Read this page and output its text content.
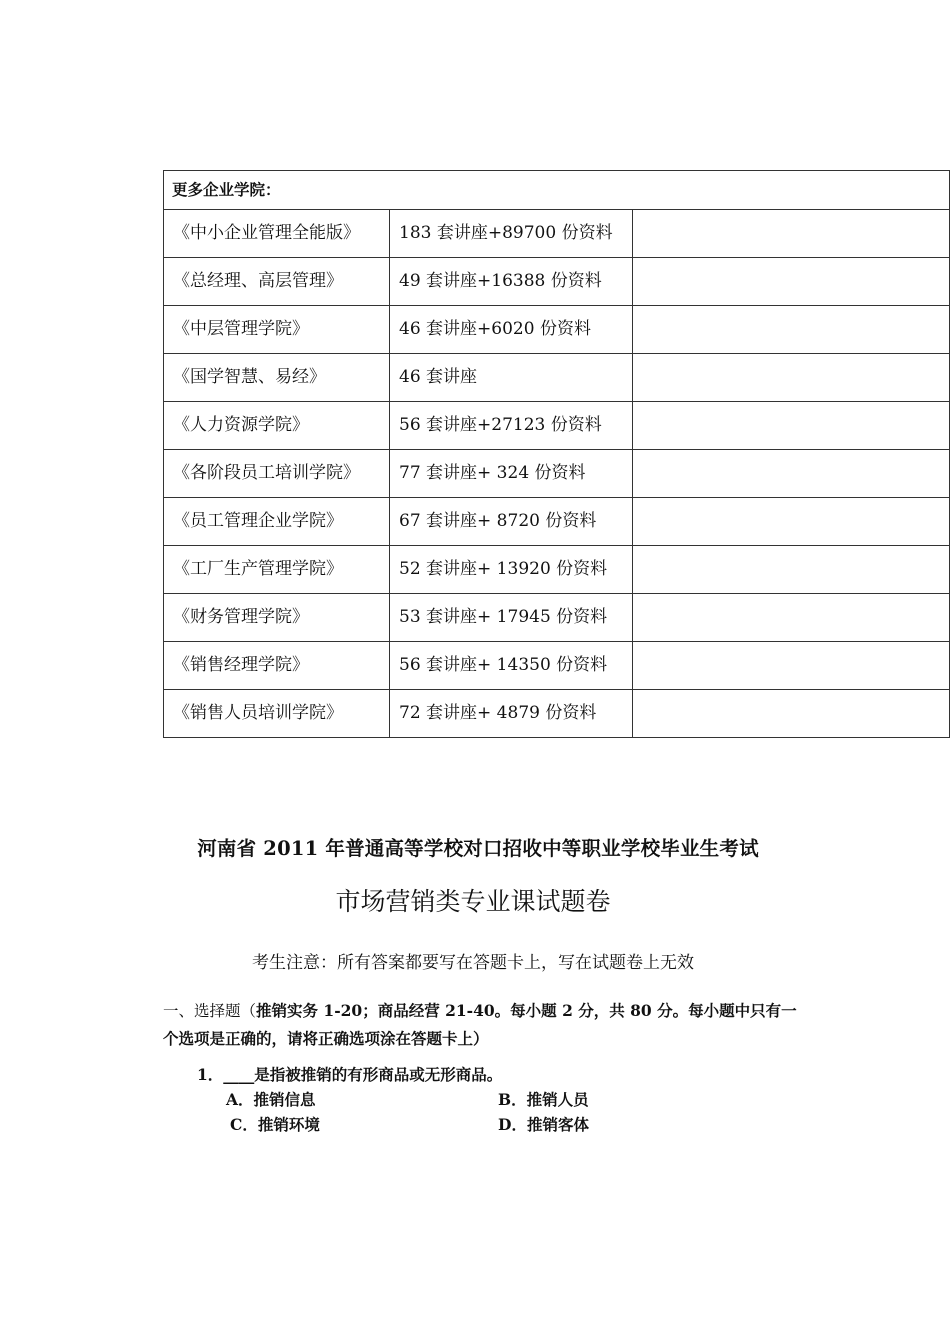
更多企业学院：		
《中小企业管理全能版》	183 套讲座+89700 份资料	
《总经理、高层管理》	49 套讲座+16388 份资料	
《中层管理学院》	46 套讲座+6020 份资料	
《国学智慧、易经》	46 套讲座	
《人力资源学院》	56 套讲座+27123 份资料	
《各阶段员工培训学院》	77 套讲座+ 324 份资料	
《员工管理企业学院》	67 套讲座+ 8720 份资料	
《工厂生产管理学院》	52 套讲座+ 13920 份资料	
《财务管理学院》	53 套讲座+ 17945 份资料	
《销售经理学院》	56 套讲座+ 14350 份资料	
《销售人员培训学院》	72 套讲座+ 4879 份资料	
河南省 2011 年普通高等学校对口招收中等职业学校毕业生考试
市场营销类专业课试题卷
考生注意：所有答案都要写在答题卡上，写在试题卷上无效
一、选择题（推销实务 1-20；商品经营 21-40。每小题 2 分，共 80 分。每小题中只有一个选项是正确的，请将正确选项涂在答题卡上）
1．____是指被推销的有形商品或无形商品。
A．推销信息	B．推销人员
C．推销环境	D．推销客体
